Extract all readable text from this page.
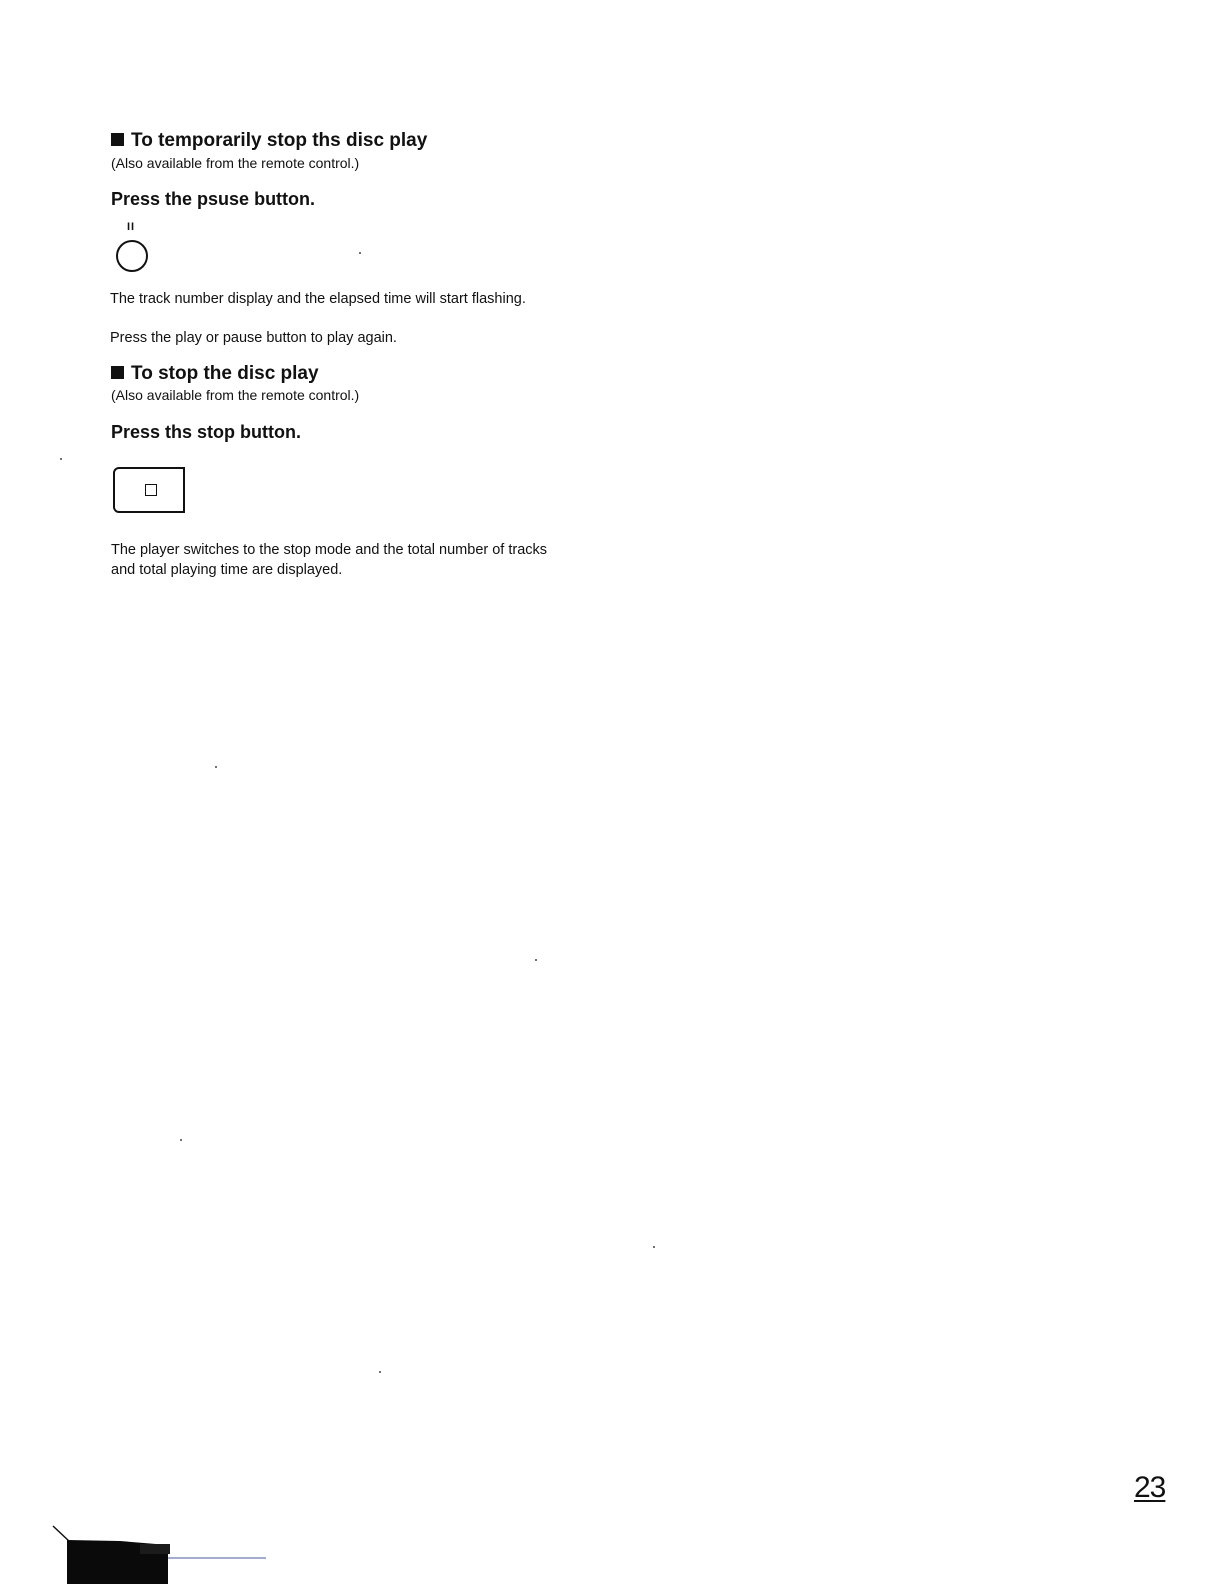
To temporarily stop ths disc play
(Also available from the remote control.)
Press the psuse button.
II
The track number display and the elapsed time will start flashing.
Press the play or pause button to play again.
To stop the disc play
(Also available from the remote control.)
Press ths stop button.
The player switches to the stop mode and the total number of tracks
and total playing time are displayed.
23
